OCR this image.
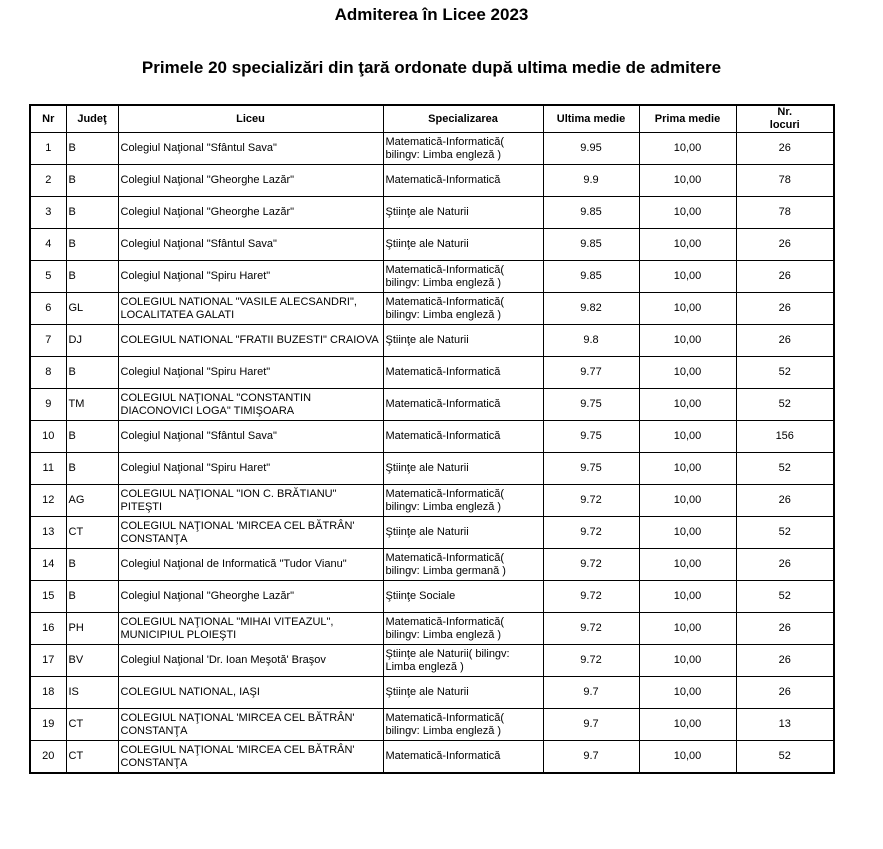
Admiterea în Licee 2023
Primele 20 specializări din ţară ordonate după ultima medie de admitere
Nr	Judeţ	Liceu	Specializarea	Ultima medie	Prima medie	Nr.
locuri
1	B	Colegiul Naţional "Sfântul Sava"	Matematică-Informatică( bilingv: Limba engleză )	9.95	10,00	26
2	B	Colegiul Naţional "Gheorghe Lazăr"	Matematică-Informatică	9.9	10,00	78
3	B	Colegiul Naţional "Gheorghe Lazăr"	Ştiinţe ale Naturii	9.85	10,00	78
4	B	Colegiul Naţional "Sfântul Sava"	Ştiinţe ale Naturii	9.85	10,00	26
5	B	Colegiul Naţional "Spiru Haret"	Matematică-Informatică( bilingv: Limba engleză )	9.85	10,00	26
6	GL	COLEGIUL NATIONAL "VASILE ALECSANDRI", LOCALITATEA GALATI	Matematică-Informatică( bilingv: Limba engleză )	9.82	10,00	26
7	DJ	COLEGIUL NATIONAL "FRATII BUZESTI" CRAIOVA	Ştiinţe ale Naturii	9.8	10,00	26
8	B	Colegiul Naţional "Spiru Haret"	Matematică-Informatică	9.77	10,00	52
9	TM	COLEGIUL NAŢIONAL "CONSTANTIN DIACONOVICI LOGA" TIMIŞOARA	Matematică-Informatică	9.75	10,00	52
10	B	Colegiul Naţional "Sfântul Sava"	Matematică-Informatică	9.75	10,00	156
11	B	Colegiul Naţional "Spiru Haret"	Ştiinţe ale Naturii	9.75	10,00	52
12	AG	COLEGIUL NAŢIONAL "ION C. BRĂTIANU" PITEŞTI	Matematică-Informatică( bilingv: Limba engleză )	9.72	10,00	26
13	CT	COLEGIUL NAŢIONAL 'MIRCEA CEL BĂTRÂN' CONSTANŢA	Ştiinţe ale Naturii	9.72	10,00	52
14	B	Colegiul Naţional de Informatică "Tudor Vianu"	Matematică-Informatică( bilingv: Limba germană )	9.72	10,00	26
15	B	Colegiul Naţional "Gheorghe Lazăr"	Ştiinţe Sociale	9.72	10,00	52
16	PH	COLEGIUL NAŢIONAL "MIHAI VITEAZUL", MUNICIPIUL PLOIEŞTI	Matematică-Informatică( bilingv: Limba engleză )	9.72	10,00	26
17	BV	Colegiul Naţional 'Dr. Ioan Meşotă' Braşov	Ştiinţe ale Naturii( bilingv: Limba engleză )	9.72	10,00	26
18	IS	COLEGIUL NATIONAL, IAŞI	Ştiinţe ale Naturii	9.7	10,00	26
19	CT	COLEGIUL NAŢIONAL 'MIRCEA CEL BĂTRÂN' CONSTANŢA	Matematică-Informatică( bilingv: Limba engleză )	9.7	10,00	13
20	CT	COLEGIUL NAŢIONAL 'MIRCEA CEL BĂTRÂN' CONSTANŢA	Matematică-Informatică	9.7	10,00	52
